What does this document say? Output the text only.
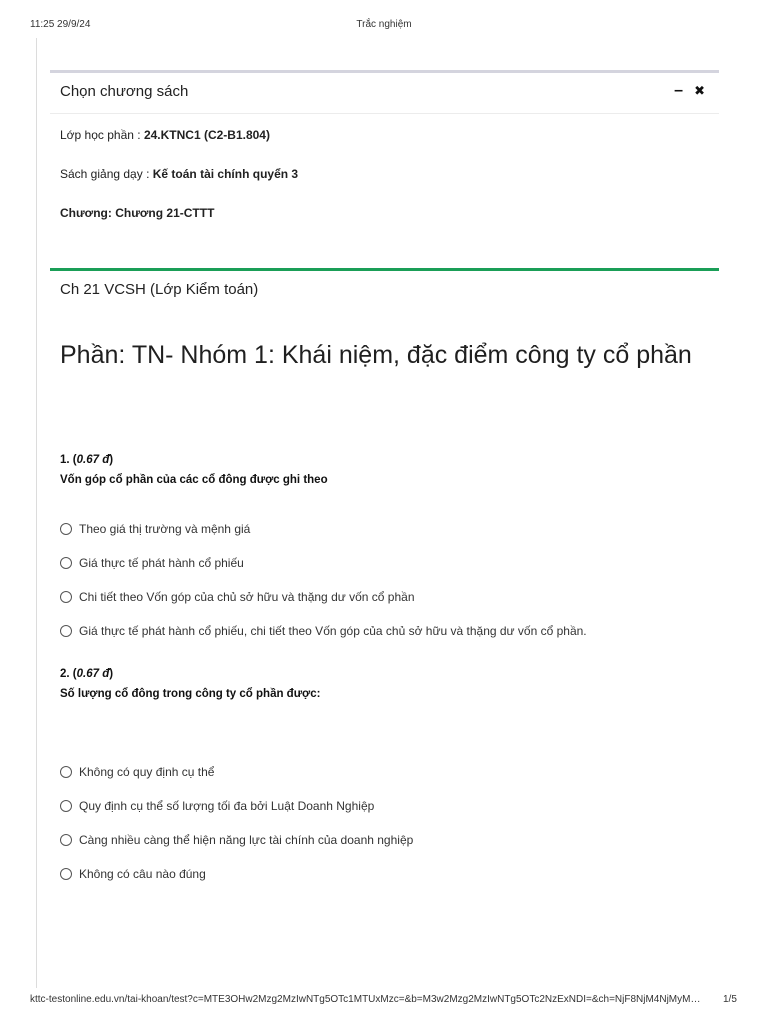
11:25 29/9/24	Trắc nghiệm
Chọn chương sách	– ✖
Lớp học phần : 24.KTNC1 (C2-B1.804)
Sách giảng dạy : Kế toán tài chính quyển 3
Chương: Chương 21-CTTT
Ch 21 VCSH (Lớp Kiểm toán)
Phần: TN- Nhóm 1: Khái niệm, đặc điểm công ty cổ phần
1. (0.67 đ)
Vốn góp cổ phần của các cổ đông được ghi theo
Theo giá thị trường và mệnh giá
Giá thực tế phát hành cổ phiếu
Chi tiết theo Vốn góp của chủ sở hữu và thặng dư vốn cổ phần
Giá thực tế phát hành cổ phiếu, chi tiết theo Vốn góp của chủ sở hữu và thặng dư vốn cổ phần.
2. (0.67 đ)
Số lượng cổ đông trong công ty cổ phần được:
Không có quy định cụ thể
Quy định cụ thể số lượng tối đa bởi Luật Doanh Nghiệp
Càng nhiều càng thể hiện năng lực tài chính của doanh nghiệp
Không có câu nào đúng
kttc-testonline.edu.vn/tai-khoan/test?c=MTE3OHw2Mzg2MzIwNTg5OTc1MTUxMzc=&b=M3w2Mzg2MzIwNTg5OTc2NzExNDI=&ch=NjF8NjM4NjMyM…	1/5
